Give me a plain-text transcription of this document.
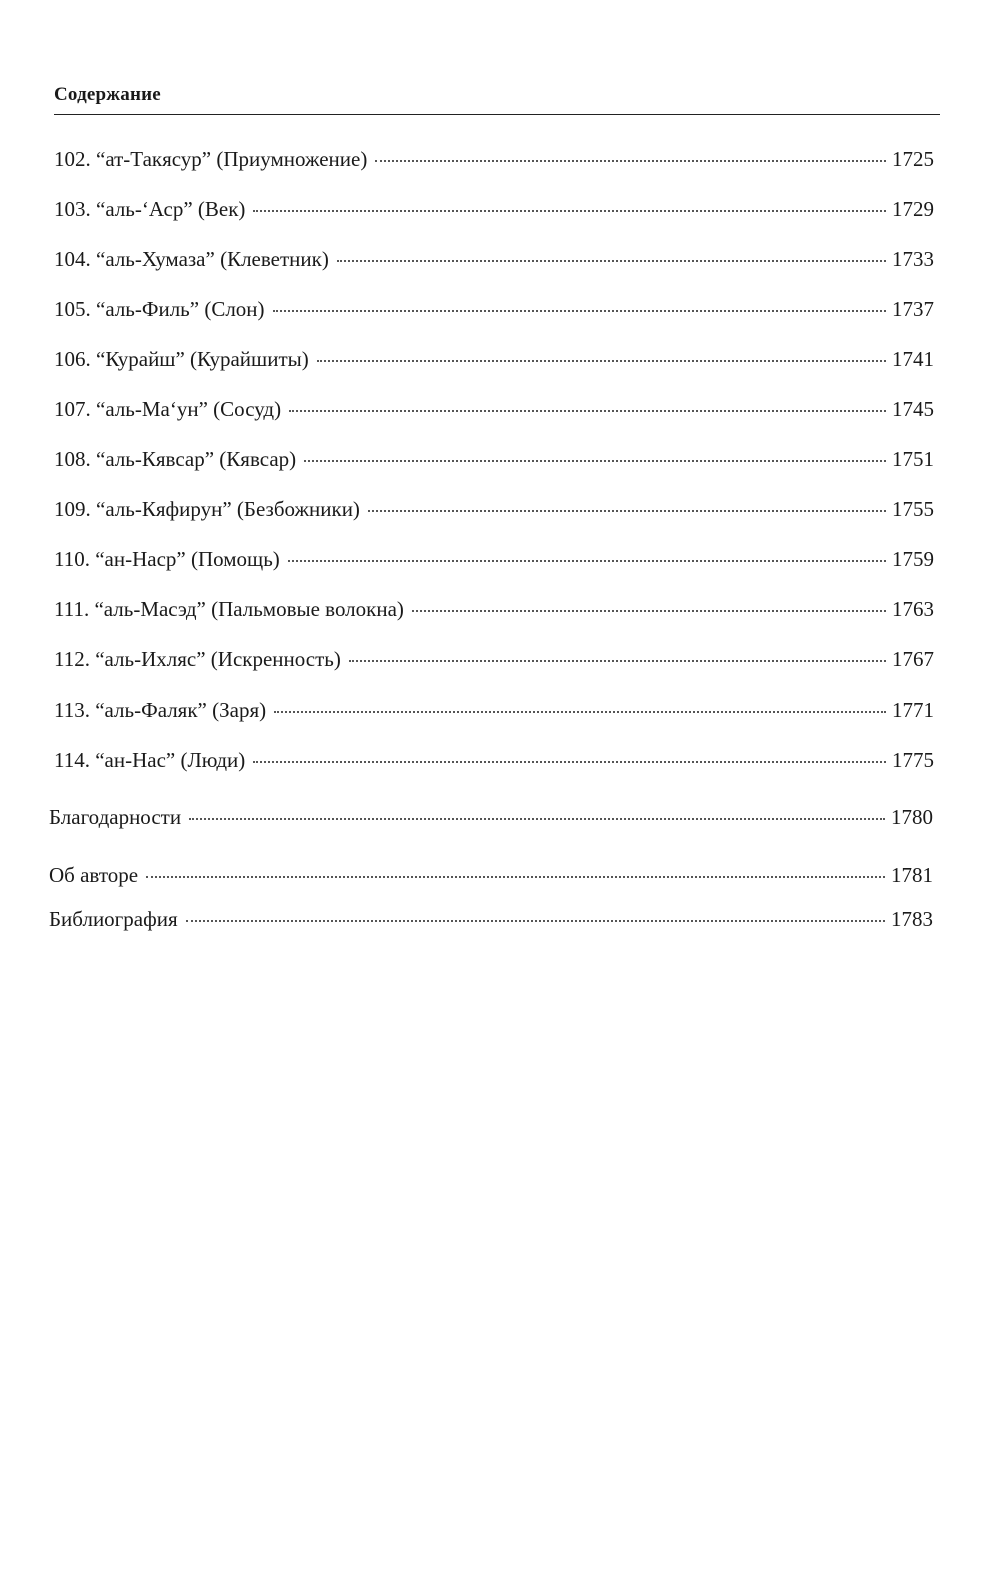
Содержание
102. “ат-Такясур” (Приумножение)	1725
103. “аль-‘Аср” (Век)	1729
104. “аль-Хумаза” (Клеветник)	1733
105. “аль-Филь” (Слон)	1737
106. “Курайш” (Курайшиты)	1741
107. “аль-Ма‘ун” (Сосуд)	1745
108. “аль-Кявсар” (Кявсар)	1751
109. “аль-Кяфирун” (Безбожники)	1755
110. “ан-Наср” (Помощь)	1759
111. “аль-Масэд” (Пальмовые волокна)	1763
112. “аль-Ихляс” (Искренность)	1767
113. “аль-Фаляк” (Заря)	1771
114. “ан-Нас” (Люди)	1775
Благодарности	1780
Об авторе	1781
Библиография	1783
